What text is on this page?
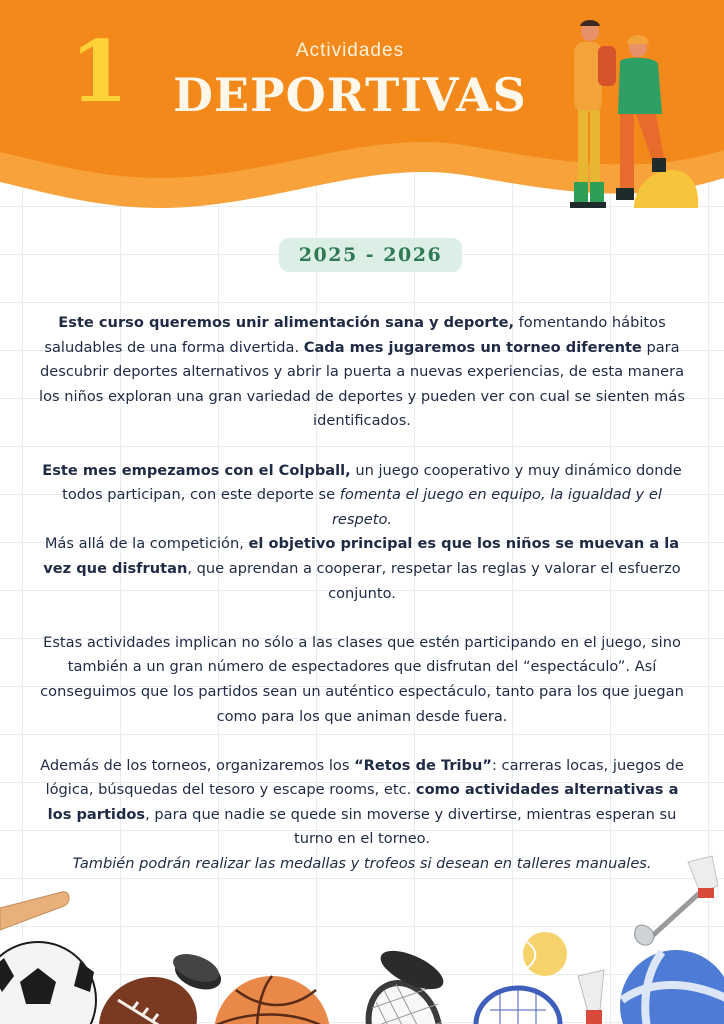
1	Actividades
DEPORTIVAS
2025 - 2026

Este curso queremos unir alimentación sana y deporte, fomentando hábitos saludables de una forma divertida. Cada mes jugaremos un torneo diferente para descubrir deportes alternativos y abrir la puerta a nuevas experiencias, de esta manera los niños exploran una gran variedad de deportes y pueden ver con cual se sienten más identificados.

Este mes empezamos con el Colpball, un juego cooperativo y muy dinámico donde todos participan, con este deporte se fomenta el juego en equipo, la igualdad y el respeto.
Más allá de la competición, el objetivo principal es que los niños se muevan a la vez que disfrutan, que aprendan a cooperar, respetar las reglas y valorar el esfuerzo conjunto.

Estas actividades implican no sólo a las clases que estén participando en el juego, sino también a un gran número de espectadores que disfrutan del “espectáculo”. Así conseguimos que los partidos sean un auténtico espectáculo, tanto para los que juegan como para los que animan desde fuera.

Además de los torneos, organizaremos los “Retos de Tribu”: carreras locas, juegos de lógica, búsquedas del tesoro y escape rooms, etc. como actividades alternativas a los partidos, para que nadie se quede sin moverse y divertirse, mientras esperan su turno en el torneo.
También podrán realizar las medallas y trofeos si desean en talleres manuales.
